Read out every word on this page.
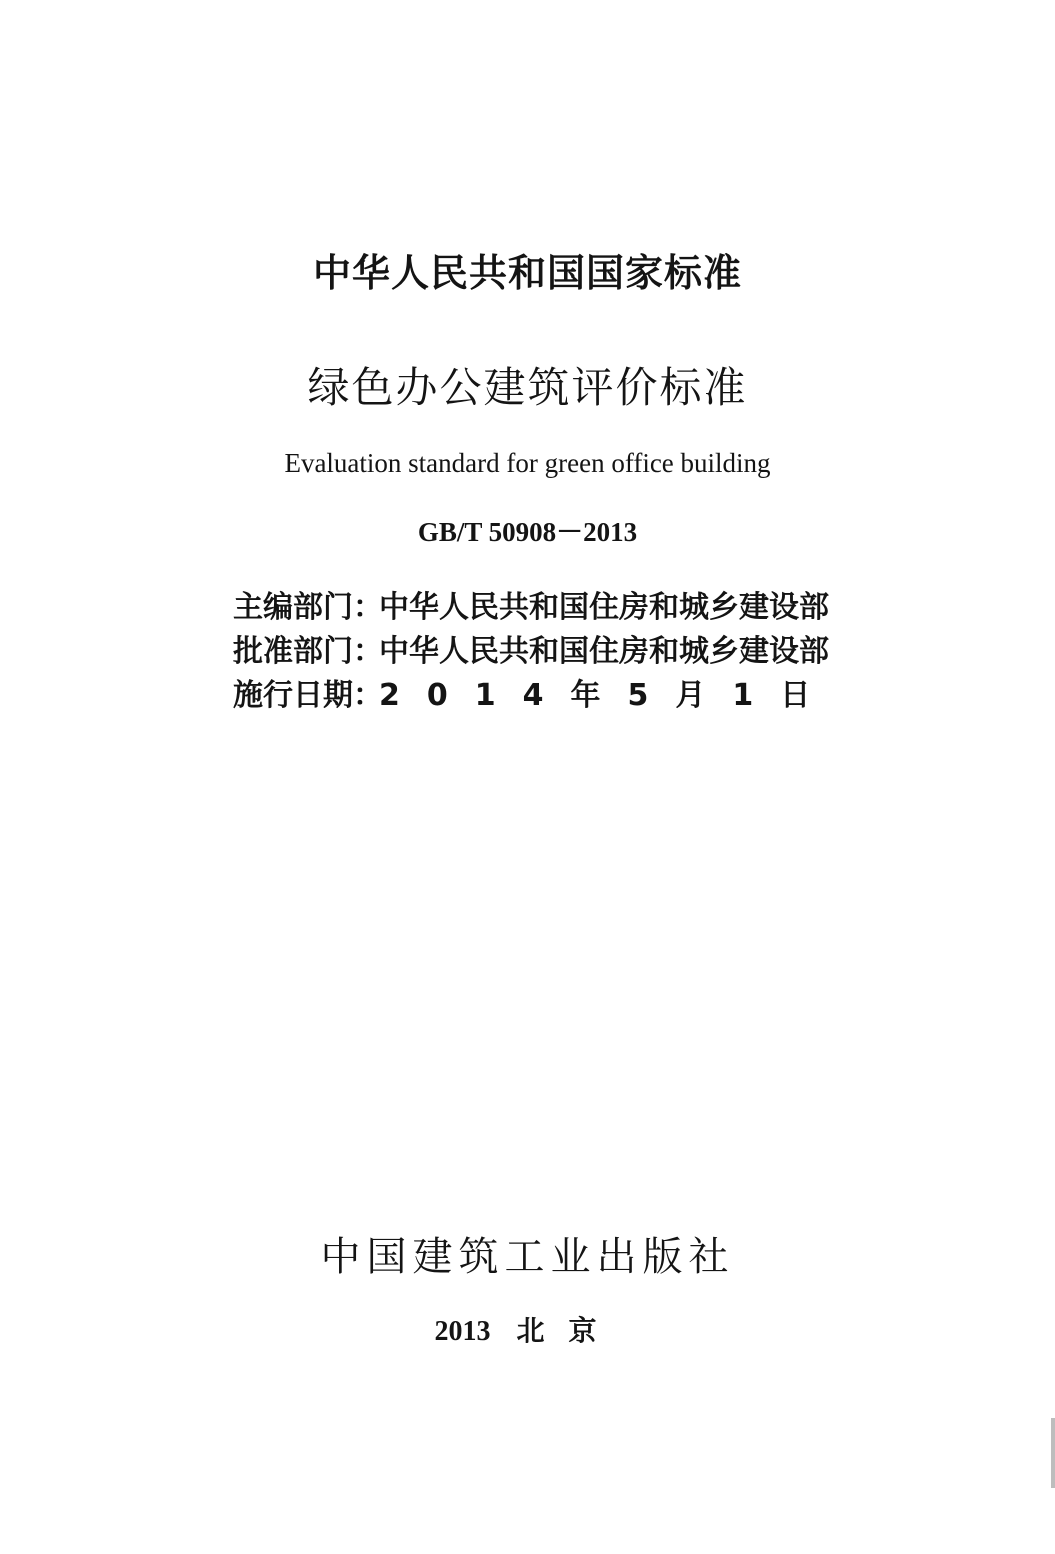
中华人民共和国国家标准
绿色办公建筑评价标准
Evaluation standard for green office building
GB/T 50908－2013
主编部门：中华人民共和国住房和城乡建设部
批准部门：中华人民共和国住房和城乡建设部
施行日期：2014年5月1日
中国建筑工业出版社
2013 北京
